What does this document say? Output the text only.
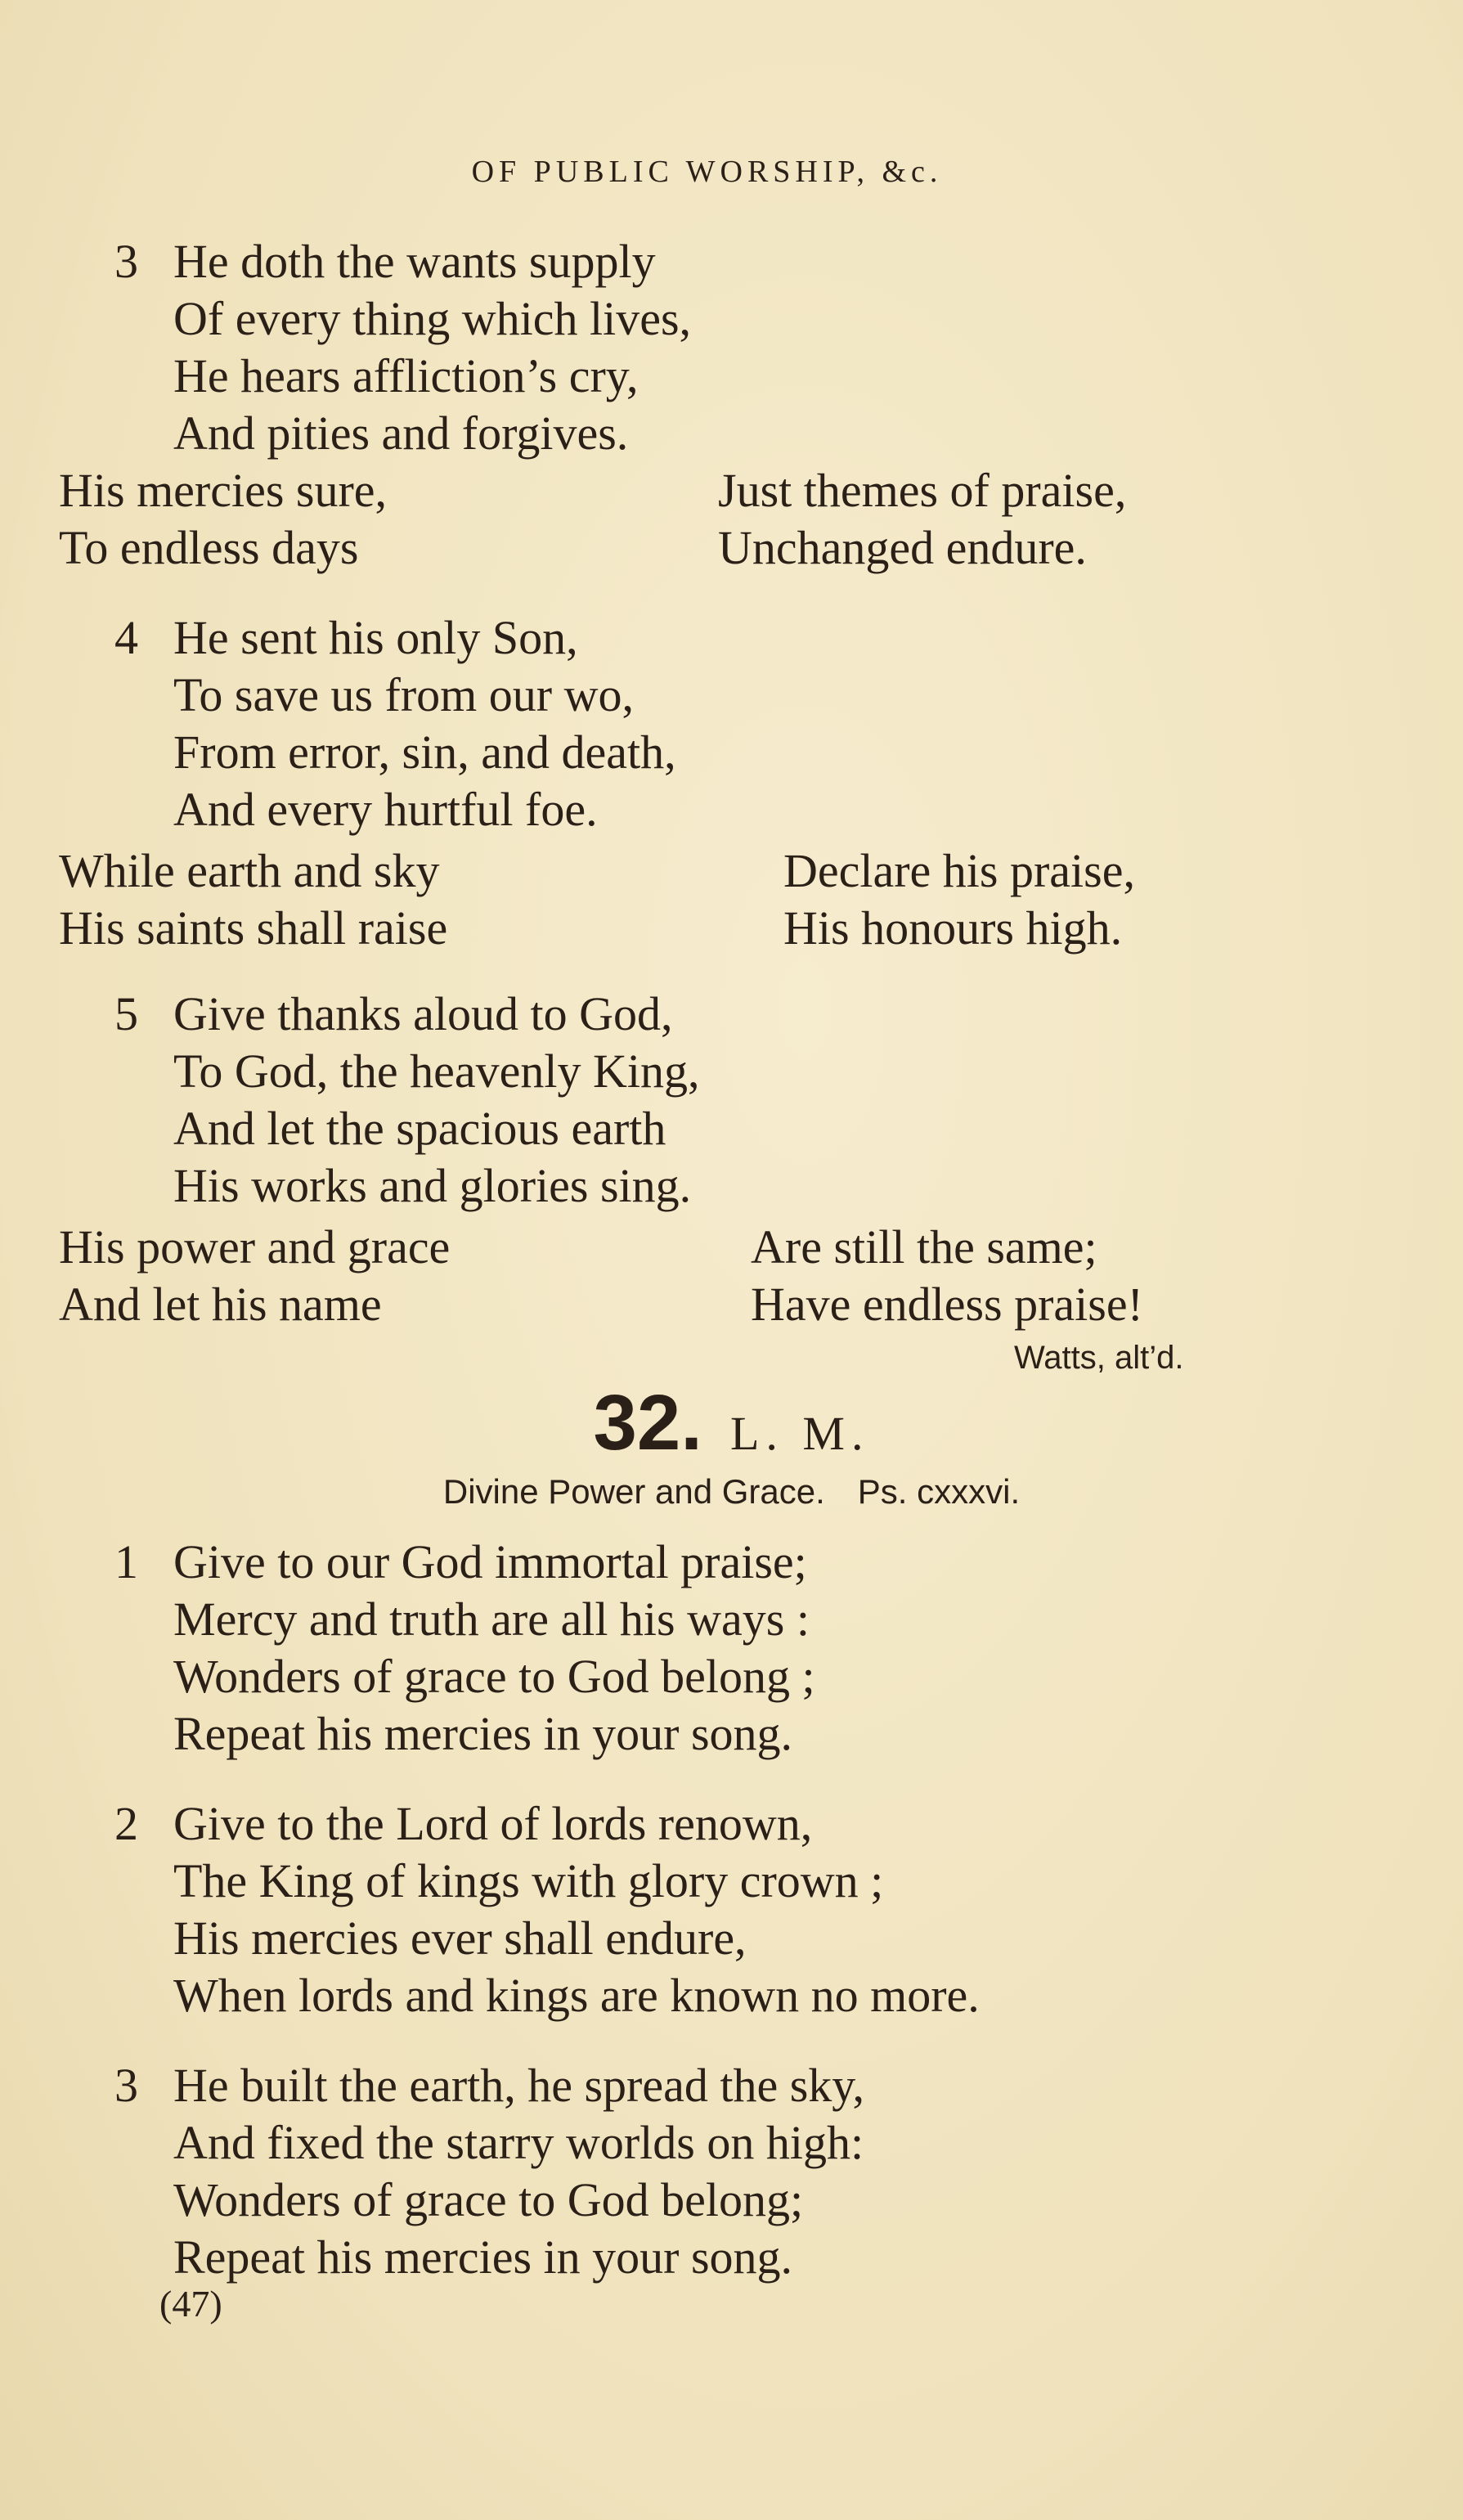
OF PUBLIC WORSHIP, &c.
3 He doth the wants supply
Of every thing which lives,
He hears affliction’s cry,
And pities and forgives.
His mercies sure,	Just themes of praise,
To endless days	Unchanged endure.
4 He sent his only Son,
To save us from our wo,
From error, sin, and death,
And every hurtful foe.
While earth and sky	Declare his praise,
His saints shall raise	His honours high.
5 Give thanks aloud to God,
To God, the heavenly King,
And let the spacious earth
His works and glories sing.
His power and grace	Are still the same;
And let his name	Have endless praise!
Watts, alt’d.
32. L. M.
Divine Power and Grace. Ps. cxxxvi.
1 Give to our God immortal praise;
Mercy and truth are all his ways :
Wonders of grace to God belong ;
Repeat his mercies in your song.
2 Give to the Lord of lords renown,
The King of kings with glory crown ;
His mercies ever shall endure,
When lords and kings are known no more.
3 He built the earth, he spread the sky,
And fixed the starry worlds on high:
Wonders of grace to God belong;
Repeat his mercies in your song.
(47)
